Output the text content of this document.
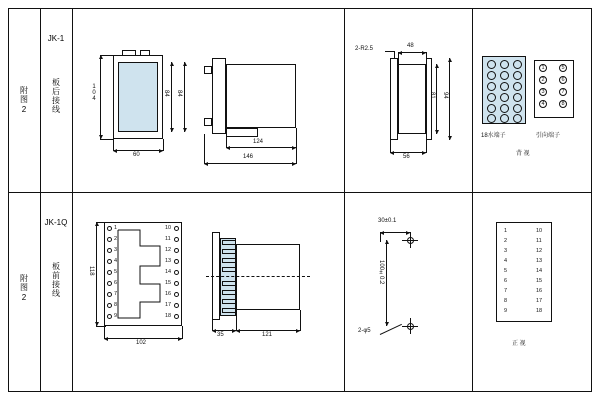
附
图
2
JK-1
板
后
接
线
104	84 84
60
124
146
2-R2.5	48
81 94
56
1
2
3
4
5
6
7
8
18水端子	引向端子
背 视
附
图
2
JK-1Q
板
前
接
线
1
2
3
4
5
6
7
8
9
10
11
12
13
14
15
16
17
18
118
102
35	121
30±0.1
100±0.2
2-φ5
1
2
3
4
5
6
7
8
9
10
11
12
13
14
15
16
17
18
正 视
